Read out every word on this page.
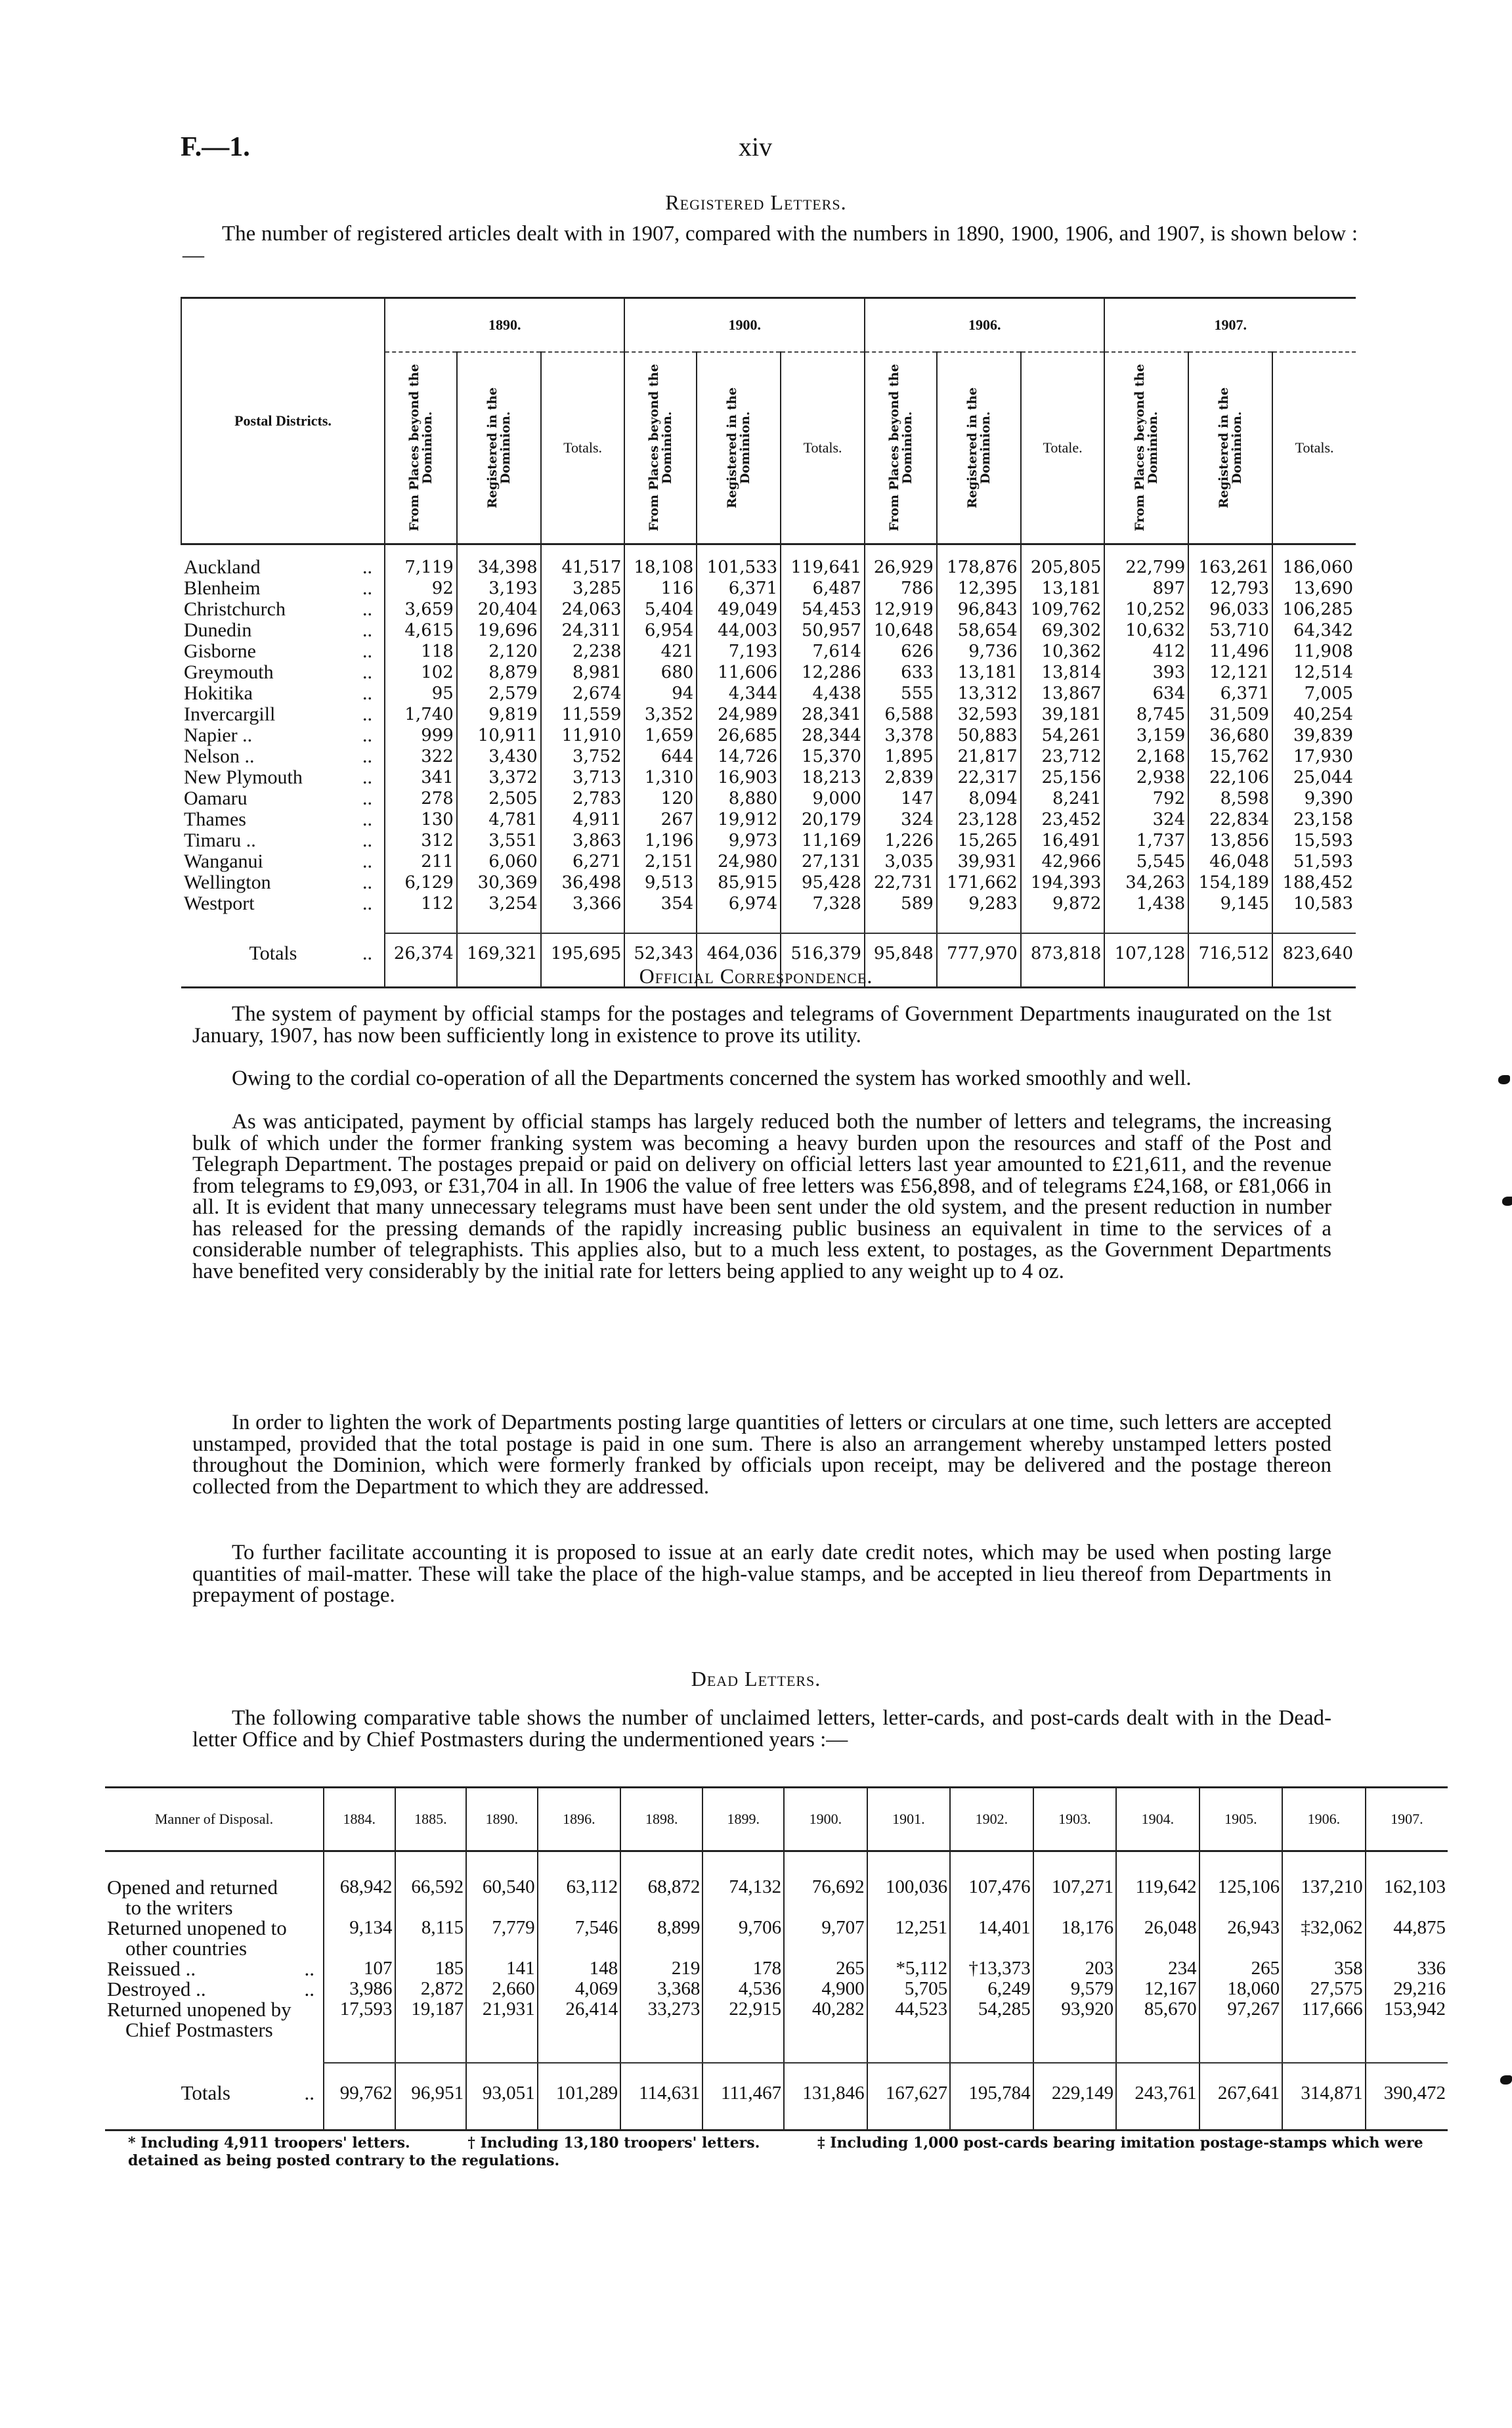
F.—1.	xiv
Registered Letters.
The number of registered articles dealt with in 1907, compared with the numbers in 1890, 1900, 1906, and 1907, is shown below :—
Postal Districts.	1890.			1900.			1906.			1907.		

	From Places beyond the Dominion.	Registered in the Dominion.	Totals.	From Places beyond the Dominion.	Registered in the Dominion.	Totals.	From Places beyond the Dominion.	Registered in the Dominion.	Totale.	From Places beyond the Dominion.	Registered in the Dominion.	Totals.

Auckland ..	7,119	34,398	41,517	18,108	101,533	119,641	26,929	178,876	205,805	22,799	163,261	186,060
Blenheim ..	92	3,193	3,285	116	6,371	6,487	786	12,395	13,181	897	12,793	13,690
Christchurch ..	3,659	20,404	24,063	5,404	49,049	54,453	12,919	96,843	109,762	10,252	96,033	106,285
Dunedin ..	4,615	19,696	24,311	6,954	44,003	50,957	10,648	58,654	69,302	10,632	53,710	64,342
Gisborne ..	118	2,120	2,238	421	7,193	7,614	626	9,736	10,362	412	11,496	11,908
Greymouth ..	102	8,879	8,981	680	11,606	12,286	633	13,181	13,814	393	12,121	12,514
Hokitika ..	95	2,579	2,674	94	4,344	4,438	555	13,312	13,867	634	6,371	7,005
Invercargill ..	1,740	9,819	11,559	3,352	24,989	28,341	6,588	32,593	39,181	8,745	31,509	40,254
Napier .. ..	999	10,911	11,910	1,659	26,685	28,344	3,378	50,883	54,261	3,159	36,680	39,839
Nelson .. ..	322	3,430	3,752	644	14,726	15,370	1,895	21,817	23,712	2,168	15,762	17,930
New Plymouth ..	341	3,372	3,713	1,310	16,903	18,213	2,839	22,317	25,156	2,938	22,106	25,044
Oamaru ..	278	2,505	2,783	120	8,880	9,000	147	8,094	8,241	792	8,598	9,390
Thames ..	130	4,781	4,911	267	19,912	20,179	324	23,128	23,452	324	22,834	23,158
Timaru .. ..	312	3,551	3,863	1,196	9,973	11,169	1,226	15,265	16,491	1,737	13,856	15,593
Wanganui ..	211	6,060	6,271	2,151	24,980	27,131	3,035	39,931	42,966	5,545	46,048	51,593
Wellington ..	6,129	30,369	36,498	9,513	85,915	95,428	22,731	171,662	194,393	34,263	154,189	188,452
Westport ..	112	3,254	3,366	354	6,974	7,328	589	9,283	9,872	1,438	9,145	10,583

Totals ..	26,374	169,321	195,695	52,343	464,036	516,379	95,848	777,970	873,818	107,128	716,512	823,640

Official Correspondence.
The system of payment by official stamps for the postages and telegrams of Government Departments inaugurated on the 1st January, 1907, has now been sufficiently long in existence to prove its utility.
Owing to the cordial co-operation of all the Departments concerned the system has worked smoothly and well.
As was anticipated, payment by official stamps has largely reduced both the number of letters and telegrams, the increasing bulk of which under the former franking system was becoming a heavy burden upon the resources and staff of the Post and Telegraph Department. The postages prepaid or paid on delivery on official letters last year amounted to £21,611, and the revenue from telegrams to £9,093, or £31,704 in all. In 1906 the value of free letters was £56,898, and of telegrams £24,168, or £81,066 in all. It is evident that many unnecessary telegrams must have been sent under the old system, and the present reduction in number has released for the pressing demands of the rapidly increasing public business an equivalent in time to the services of a considerable number of telegraphists. This applies also, but to a much less extent, to postages, as the Government Departments have benefited very considerably by the initial rate for letters being applied to any weight up to 4 oz.
In order to lighten the work of Departments posting large quantities of letters or circulars at one time, such letters are accepted unstamped, provided that the total postage is paid in one sum. There is also an arrangement whereby unstamped letters posted throughout the Dominion, which were formerly franked by officials upon receipt, may be delivered and the postage thereon collected from the Department to which they are addressed.
To further facilitate accounting it is proposed to issue at an early date credit notes, which may be used when posting large quantities of mail-matter. These will take the place of the high-value stamps, and be accepted in lieu thereof from Departments in prepayment of postage.
Dead Letters.
The following comparative table shows the number of unclaimed letters, letter-cards, and post-cards dealt with in the Dead-letter Office and by Chief Postmasters during the undermentioned years :—
Manner of Disposal.	1884.	1885.	1890.	1896.	1898.	1899.	1900.	1901.	1902.	1903.	1904.	1905.	1906.	1907.
Opened and returned
to the writers	68,942	66,592	60,540	63,112	68,872	74,132	76,692	100,036	107,476	107,271	119,642	125,106	137,210	162,103
Returned unopened to
other countries	9,134	8,115	7,779	7,546	8,899	9,706	9,707	12,251	14,401	18,176	26,048	26,943	‡32,062	44,875
Reissued .. ..	107	185	141	148	219	178	265	*5,112	†13,373	203	234	265	358	336
Destroyed .. ..	3,986	2,872	2,660	4,069	3,368	4,536	4,900	5,705	6,249	9,579	12,167	18,060	27,575	29,216
Returned unopened by
Chief Postmasters	17,593	19,187	21,931	26,414	33,273	22,915	40,282	44,523	54,285	93,920	85,670	97,267	117,666	153,942

Totals ..	99,762	96,951	93,051	101,289	114,631	111,467	131,846	167,627	195,784	229,149	243,761	267,641	314,871	390,472

* Including 4,911 troopers' letters.	† Including 13,180 troopers' letters.	‡ Including 1,000 post-cards bearing imitation postage-stamps which were detained as being posted contrary to the regulations.
